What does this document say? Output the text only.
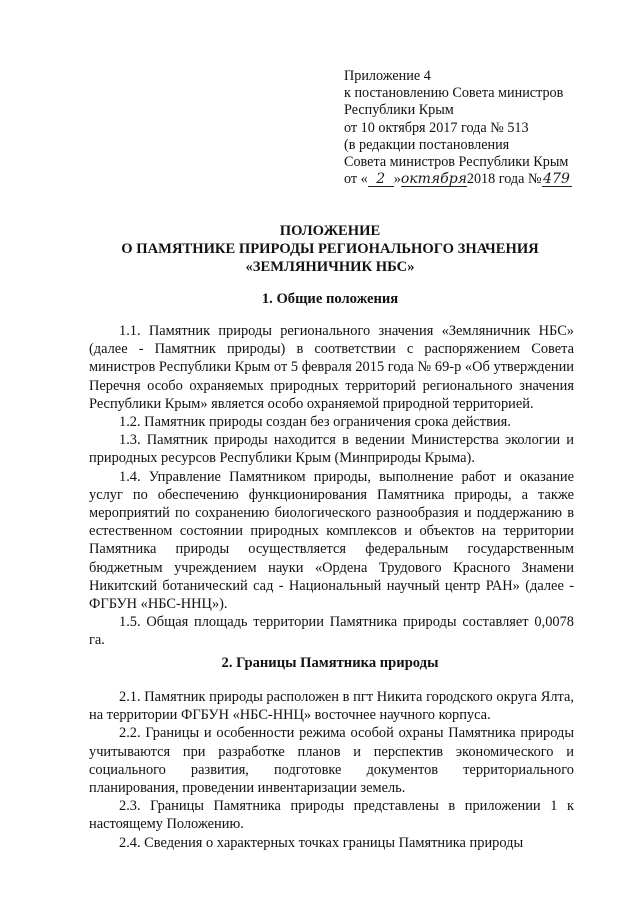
Приложение 4
к постановлению Совета министров
Республики Крым
от 10 октября 2017 года № 513
(в редакции постановления
Совета министров Республики Крым
от « 2 »октября2018 года № 479
ПОЛОЖЕНИЕ
О ПАМЯТНИКЕ ПРИРОДЫ РЕГИОНАЛЬНОГО ЗНАЧЕНИЯ
«ЗЕМЛЯНИЧНИК НБС»
1. Общие положения

1.1. Памятник природы регионального значения «Земляничник НБС» (далее - Памятник природы) в соответствии с распоряжением Совета министров Республики Крым от 5 февраля 2015 года № 69-р «Об утверждении Перечня особо охраняемых природных территорий регионального значения Республики Крым» является особо охраняемой природной территорией.

1.2. Памятник природы создан без ограничения срока действия.

1.3. Памятник природы находится в ведении Министерства экологии и природных ресурсов Республики Крым (Минприроды Крыма).

1.4. Управление Памятником природы, выполнение работ и оказание услуг по обеспечению функционирования Памятника природы, а также мероприятий по сохранению биологического разнообразия и поддержанию в естественном состоянии природных комплексов и объектов на территории Памятника природы осуществляется федеральным государственным бюджетным учреждением науки «Ордена Трудового Красного Знамени Никитский ботанический сад - Национальный научный центр РАН» (далее - ФГБУН «НБС-ННЦ»).

1.5. Общая площадь территории Памятника природы составляет 0,0078 га.

2. Границы Памятника природы

2.1. Памятник природы расположен в пгт Никита городского округа Ялта, на территории ФГБУН «НБС-ННЦ» восточнее научного корпуса.

2.2. Границы и особенности режима особой охраны Памятника природы учитываются при разработке планов и перспектив экономического и социального развития, подготовке документов территориального планирования, проведении инвентаризации земель.

2.3. Границы Памятника природы представлены в приложении 1 к настоящему Положению.

2.4. Сведения о характерных точках границы Памятника природы
